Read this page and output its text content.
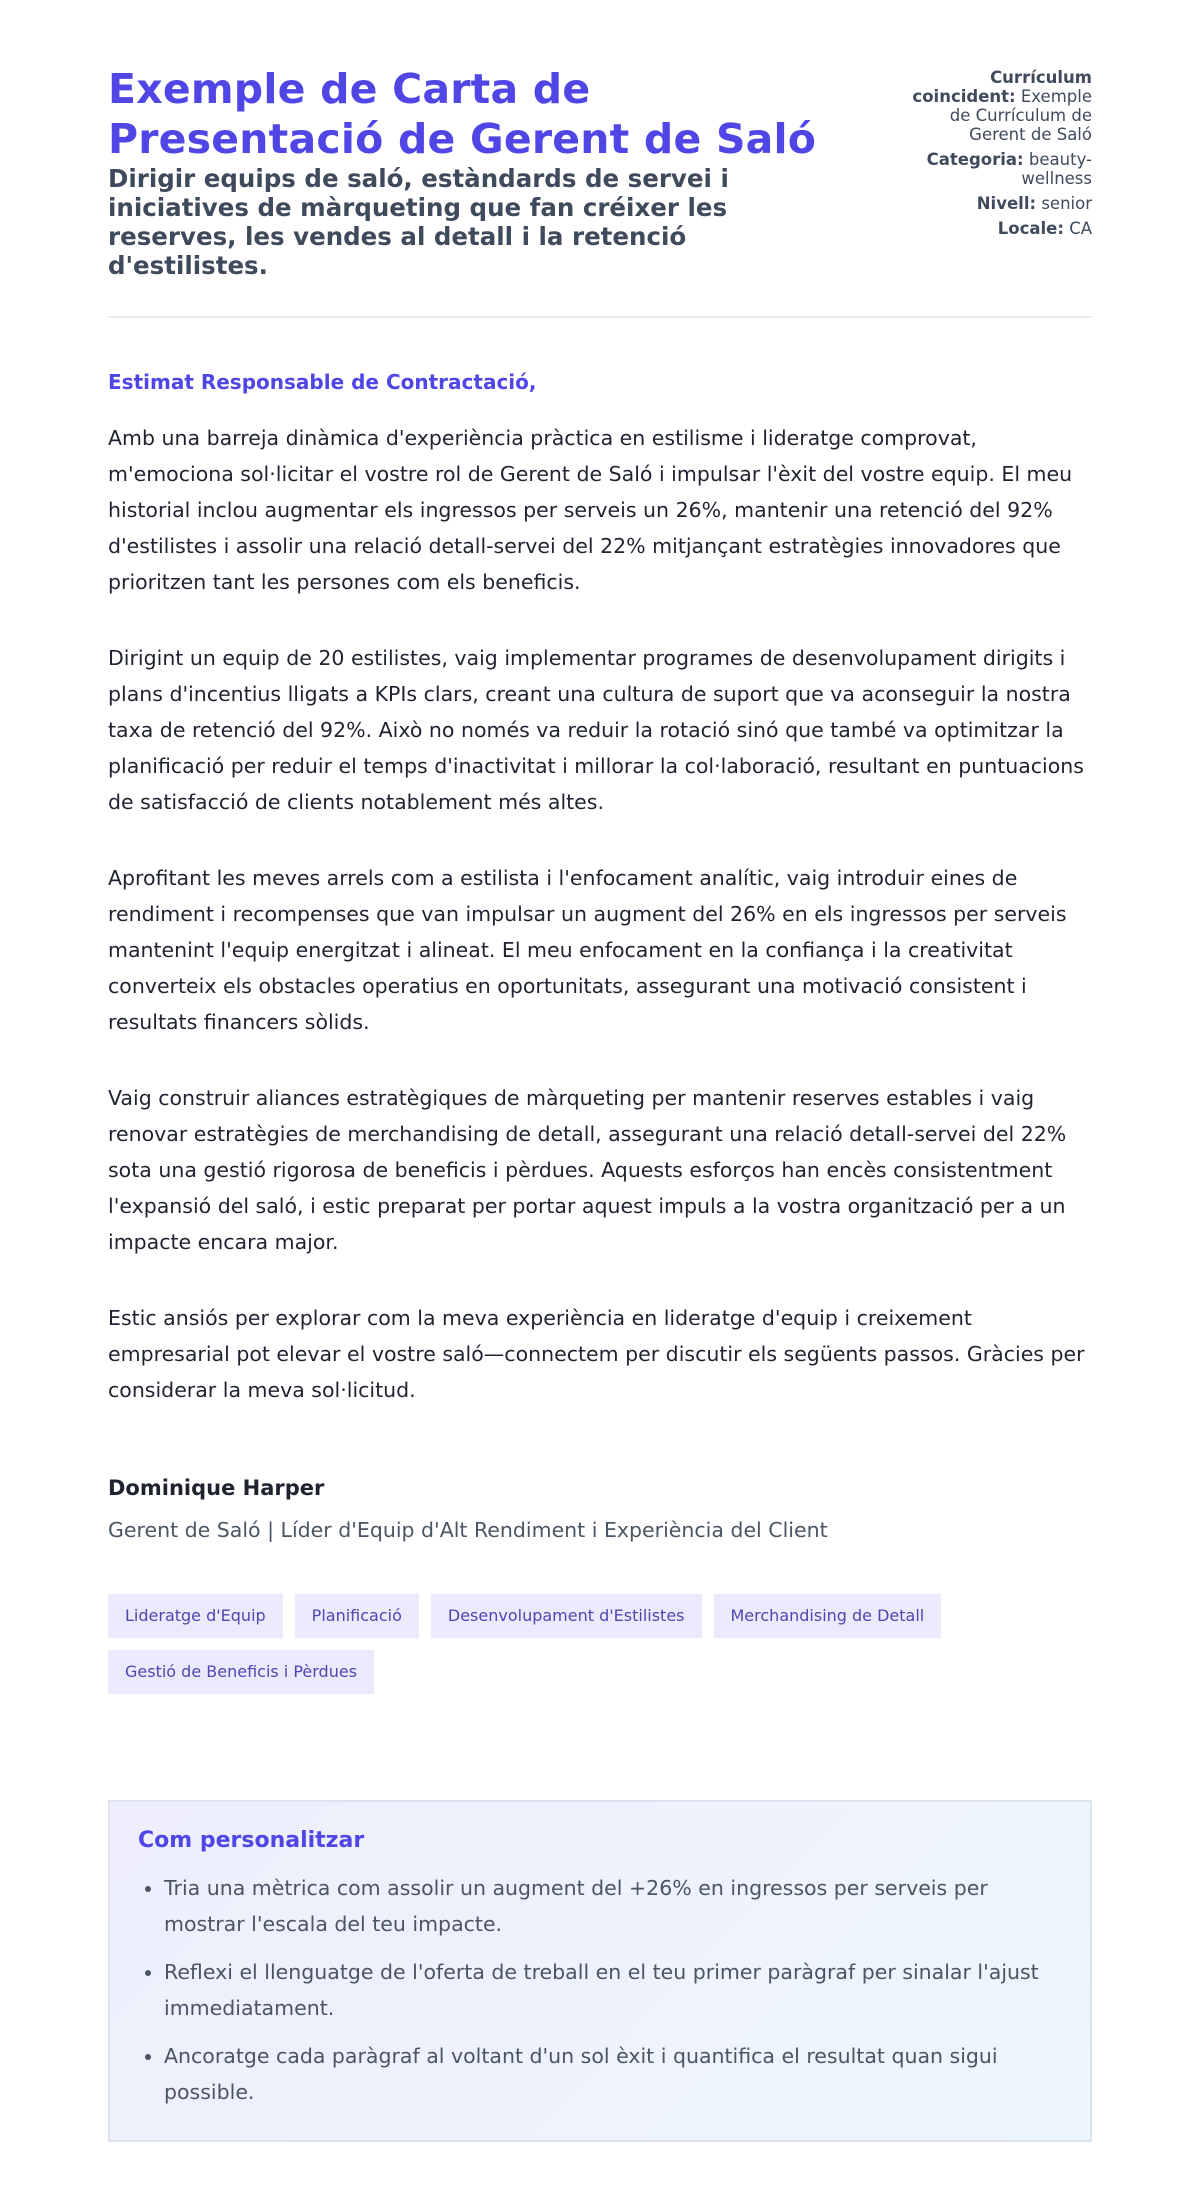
Exemple de Carta de Presentació de Gerent de Saló
Dirigir equips de saló, estàndards de servei i iniciatives de màrqueting que fan créixer les reserves, les vendes al detall i la retenció d'estilistes.
Currículum coincident: Exemple de Currículum de Gerent de Saló
Categoria: beauty-wellness
Nivell: senior
Locale: CA

Estimat Responsable de Contractació,

Amb una barreja dinàmica d'experiència pràctica en estilisme i lideratge comprovat, m'emociona sol·licitar el vostre rol de Gerent de Saló i impulsar l'èxit del vostre equip. El meu historial inclou augmentar els ingressos per serveis un 26%, mantenir una retenció del 92% d'estilistes i assolir una relació detall-servei del 22% mitjançant estratègies innovadores que prioritzen tant les persones com els beneficis.

Dirigint un equip de 20 estilistes, vaig implementar programes de desenvolupament dirigits i plans d'incentius lligats a KPIs clars, creant una cultura de suport que va aconseguir la nostra taxa de retenció del 92%. Això no només va reduir la rotació sinó que també va optimitzar la planificació per reduir el temps d'inactivitat i millorar la col·laboració, resultant en puntuacions de satisfacció de clients notablement més altes.

Aprofitant les meves arrels com a estilista i l'enfocament analític, vaig introduir eines de rendiment i recompenses que van impulsar un augment del 26% en els ingressos per serveis mantenint l'equip energitzat i alineat. El meu enfocament en la confiança i la creativitat converteix els obstacles operatius en oportunitats, assegurant una motivació consistent i resultats financers sòlids.

Vaig construir aliances estratègiques de màrqueting per mantenir reserves estables i vaig renovar estratègies de merchandising de detall, assegurant una relació detall-servei del 22% sota una gestió rigorosa de beneficis i pèrdues. Aquests esforços han encès consistentment l'expansió del saló, i estic preparat per portar aquest impuls a la vostra organització per a un impacte encara major.

Estic ansiós per explorar com la meva experiència en lideratge d'equip i creixement empresarial pot elevar el vostre saló—connectem per discutir els següents passos. Gràcies per considerar la meva sol·licitud.

Dominique Harper
Gerent de Saló | Líder d'Equip d'Alt Rendiment i Experiència del Client
Lideratge d'Equip	Planificació	Desenvolupament d'Estilistes	Merchandising de Detall
Gestió de Beneficis i Pèrdues
Com personalitzar
• Tria una mètrica com assolir un augment del +26% en ingressos per serveis per mostrar l'escala del teu impacte.
• Reflexi el llenguatge de l'oferta de treball en el teu primer paràgraf per sinalar l'ajust immediatament.
• Ancoratge cada paràgraf al voltant d'un sol èxit i quantifica el resultat quan sigui possible.
